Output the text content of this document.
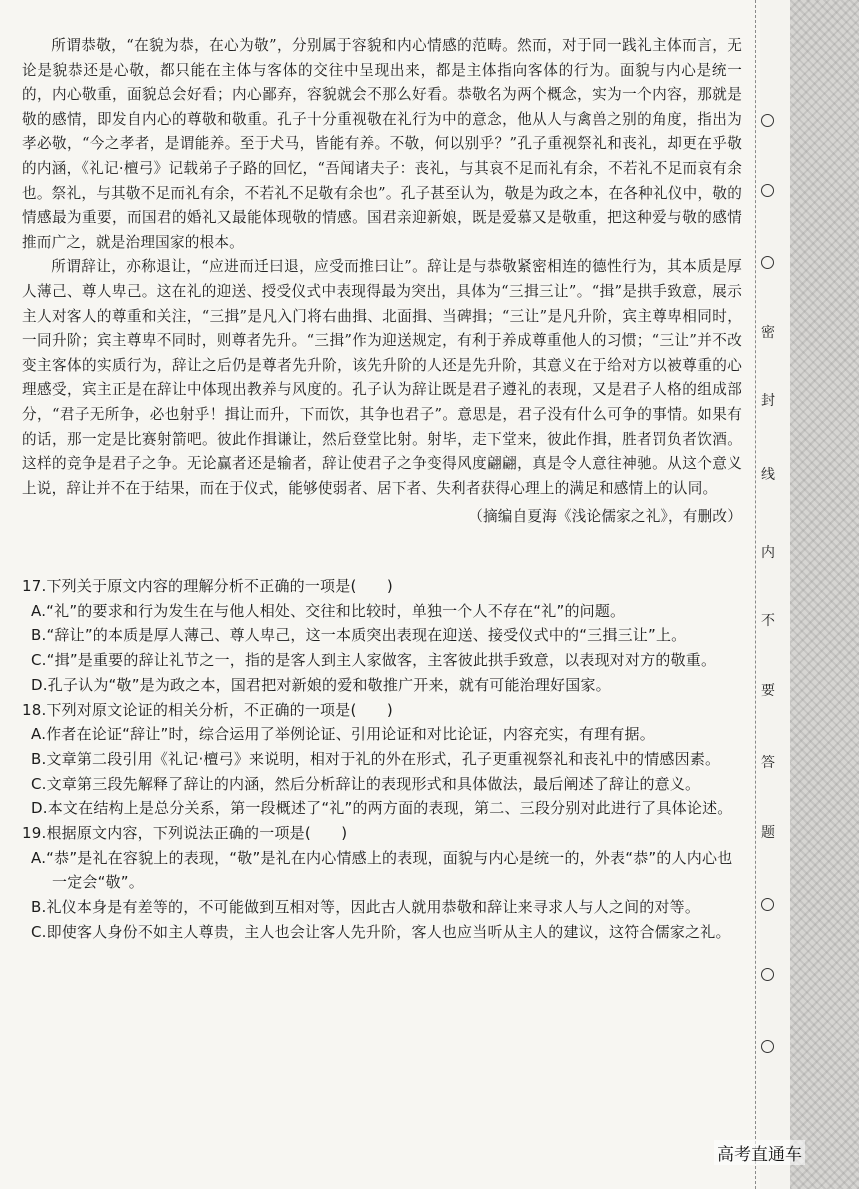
所谓恭敬，“在貌为恭，在心为敬”，分别属于容貌和内心情感的范畴。然而，对于同一践礼主体而言，无论是貌恭还是心敬，都只能在主体与客体的交往中呈现出来，都是主体指向客体的行为。面貌与内心是统一的，内心敬重，面貌总会好看；内心鄙弃，容貌就会不那么好看。恭敬名为两个概念，实为一个内容，那就是敬的感情，即发自内心的尊敬和敬重。孔子十分重视敬在礼行为中的意念，他从人与禽兽之别的角度，指出为孝必敬，“今之孝者，是谓能养。至于犬马，皆能有养。不敬，何以别乎？”孔子重视祭礼和丧礼，却更在乎敬的内涵，《礼记·檀弓》记载弟子子路的回忆，“吾闻诸夫子：丧礼，与其哀不足而礼有余，不若礼不足而哀有余也。祭礼，与其敬不足而礼有余，不若礼不足敬有余也”。孔子甚至认为，敬是为政之本，在各种礼仪中，敬的情感最为重要，而国君的婚礼又最能体现敬的情感。国君亲迎新娘，既是爱慕又是敬重，把这种爱与敬的感情推而广之，就是治理国家的根本。

所谓辞让，亦称退让，“应进而迁曰退，应受而推曰让”。辞让是与恭敬紧密相连的德性行为，其本质是厚人薄己、尊人卑己。这在礼的迎送、授受仪式中表现得最为突出，具体为“三揖三让”。“揖”是拱手致意，展示主人对客人的尊重和关注，“三揖”是凡入门将右曲揖、北面揖、当碑揖；“三让”是凡升阶，宾主尊卑相同时，一同升阶；宾主尊卑不同时，则尊者先升。“三揖”作为迎送规定，有利于养成尊重他人的习惯；“三让”并不改变主客体的实质行为，辞让之后仍是尊者先升阶，该先升阶的人还是先升阶，其意义在于给对方以被尊重的心理感受，宾主正是在辞让中体现出教养与风度的。孔子认为辞让既是君子遵礼的表现，又是君子人格的组成部分，“君子无所争，必也射乎！揖让而升，下而饮，其争也君子”。意思是，君子没有什么可争的事情。如果有的话，那一定是比赛射箭吧。彼此作揖谦让，然后登堂比射。射毕，走下堂来，彼此作揖，胜者罚负者饮酒。这样的竞争是君子之争。无论赢者还是输者，辞让使君子之争变得风度翩翩，真是令人意往神驰。从这个意义上说，辞让并不在于结果，而在于仪式，能够使弱者、居下者、失利者获得心理上的满足和感情上的认同。

（摘编自夏海《浅论儒家之礼》，有删改）
17.下列关于原文内容的理解分析不正确的一项是(　　)
A.“礼”的要求和行为发生在与他人相处、交往和比较时，单独一个人不存在“礼”的问题。
B.“辞让”的本质是厚人薄己、尊人卑己，这一本质突出表现在迎送、接受仪式中的“三揖三让”上。
C.“揖”是重要的辞让礼节之一，指的是客人到主人家做客，主客彼此拱手致意，以表现对对方的敬重。
D.孔子认为“敬”是为政之本，国君把对新娘的爱和敬推广开来，就有可能治理好国家。
18.下列对原文论证的相关分析，不正确的一项是(　　)
A.作者在论证“辞让”时，综合运用了举例论证、引用论证和对比论证，内容充实，有理有据。
B.文章第二段引用《礼记·檀弓》来说明，相对于礼的外在形式，孔子更重视祭礼和丧礼中的情感因素。
C.文章第三段先解释了辞让的内涵，然后分析辞让的表现形式和具体做法，最后阐述了辞让的意义。
D.本文在结构上是总分关系，第一段概述了“礼”的两方面的表现，第二、三段分别对此进行了具体论述。
19.根据原文内容，下列说法正确的一项是(　　)
A.“恭”是礼在容貌上的表现，“敬”是礼在内心情感上的表现，面貌与内心是统一的，外表“恭”的人内心也一定会“敬”。
B.礼仪本身是有差等的，不可能做到互相对等，因此古人就用恭敬和辞让来寻求人与人之间的对等。
C.即使客人身份不如主人尊贵，主人也会让客人先升阶，客人也应当听从主人的建议，这符合儒家之礼。
密
封
线
内
不
要
答
题
高考直通车
